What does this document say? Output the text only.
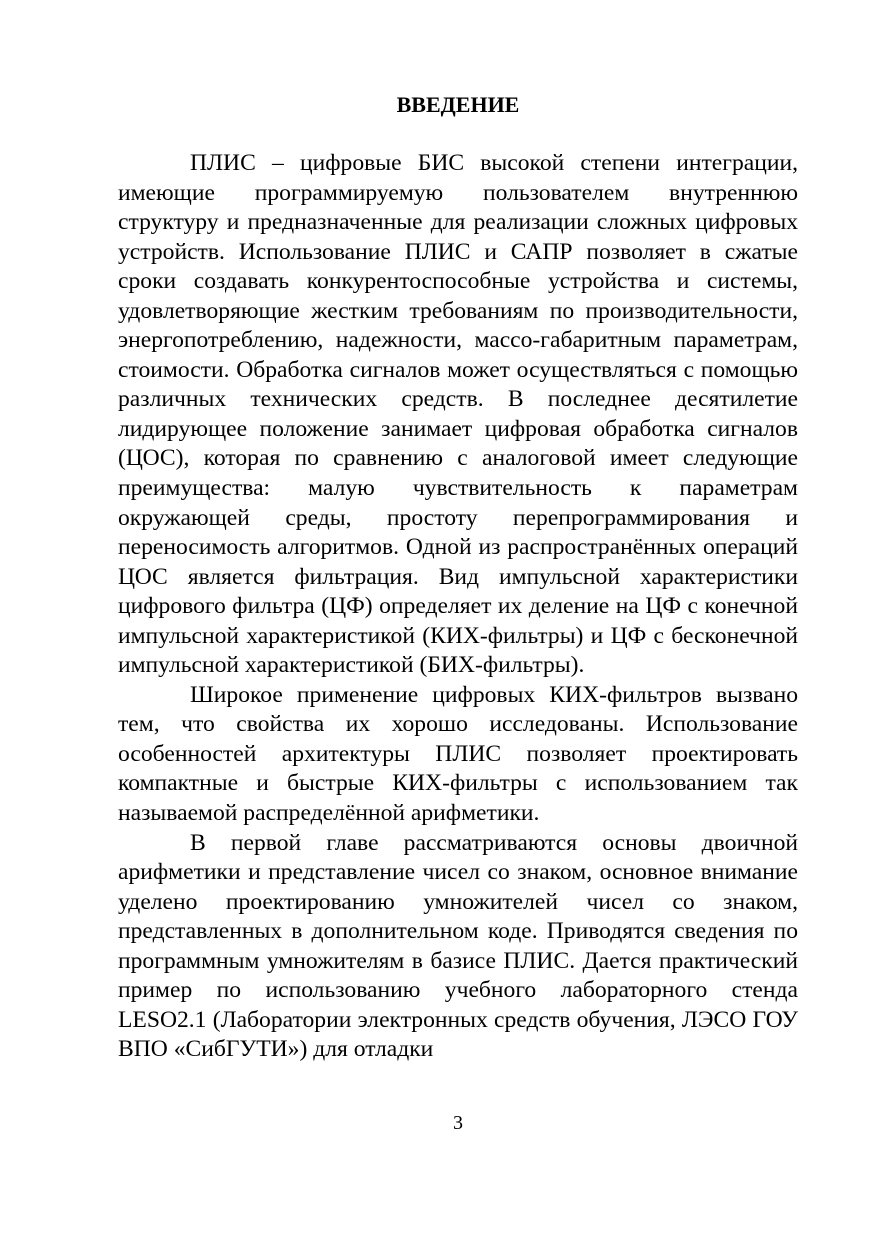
ВВЕДЕНИЕ

ПЛИС – цифровые БИС высокой степени интеграции, имеющие программируемую пользователем внутреннюю структуру и предназначенные для реализации сложных цифровых устройств. Использование ПЛИС и САПР позволяет в сжатые сроки создавать конкурентоспособные устройства и системы, удовлетворяющие жестким требованиям по производительности, энергопотреблению, надежности, массо-габаритным параметрам, стоимости. Обработка сигналов может осуществляться с помощью различных технических средств. В последнее десятилетие лидирующее положение занимает цифровая обработка сигналов (ЦОС), которая по сравнению с аналоговой имеет следующие преимущества: малую чувствительность к параметрам окружающей среды, простоту перепрограммирования и переносимость алгоритмов. Одной из распространённых операций ЦОС является фильтрация. Вид импульсной характеристики цифрового фильтра (ЦФ) определяет их деление на ЦФ с конечной импульсной характеристикой (КИХ-фильтры) и ЦФ с бесконечной импульсной характеристикой (БИХ-фильтры).

Широкое применение цифровых КИХ-фильтров вызвано тем, что свойства их хорошо исследованы. Использование особенностей архитектуры ПЛИС позволяет проектировать компактные и быстрые КИХ-фильтры с использованием так называемой распределённой арифметики.

В первой главе рассматриваются основы двоичной арифметики и представление чисел со знаком, основное внимание уделено проектированию умножителей чисел со знаком, представленных в дополнительном коде. Приводятся сведения по программным умножителям в базисе ПЛИС. Дается практический пример по использованию учебного лабораторного стенда LESO2.1 (Лаборатории электронных средств обучения, ЛЭСО ГОУ ВПО «СибГУТИ») для отладки

3
